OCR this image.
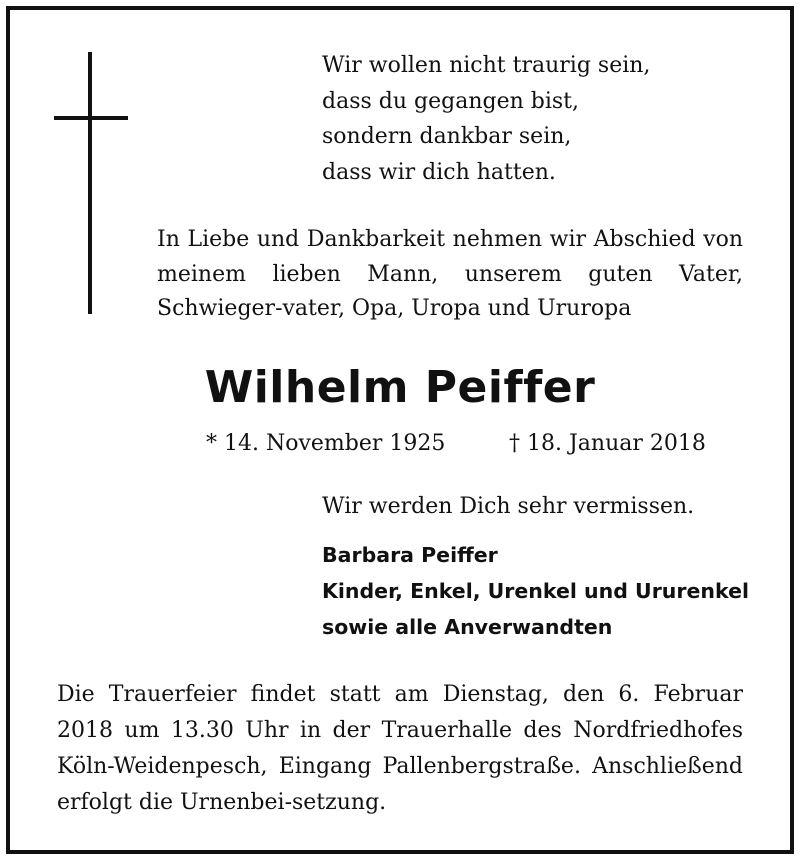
Wir wollen nicht traurig sein,
dass du gegangen bist,
sondern dankbar sein,
dass wir dich hatten.
In Liebe und Dankbarkeit nehmen wir Abschied von meinem lieben Mann, unserem guten Vater, Schwieger-vater, Opa, Uropa und Ururopa
Wilhelm Peiffer
* 14. November 1925	† 18. Januar 2018
Wir werden Dich sehr vermissen.
Barbara Peiffer
Kinder, Enkel, Urenkel und Ururenkel
sowie alle Anverwandten
Die Trauerfeier findet statt am Dienstag, den 6. Februar 2018 um 13.30 Uhr in der Trauerhalle des Nordfriedhofes Köln-Weidenpesch, Eingang Pallenbergstraße. Anschließend erfolgt die Urnenbei-setzung.
